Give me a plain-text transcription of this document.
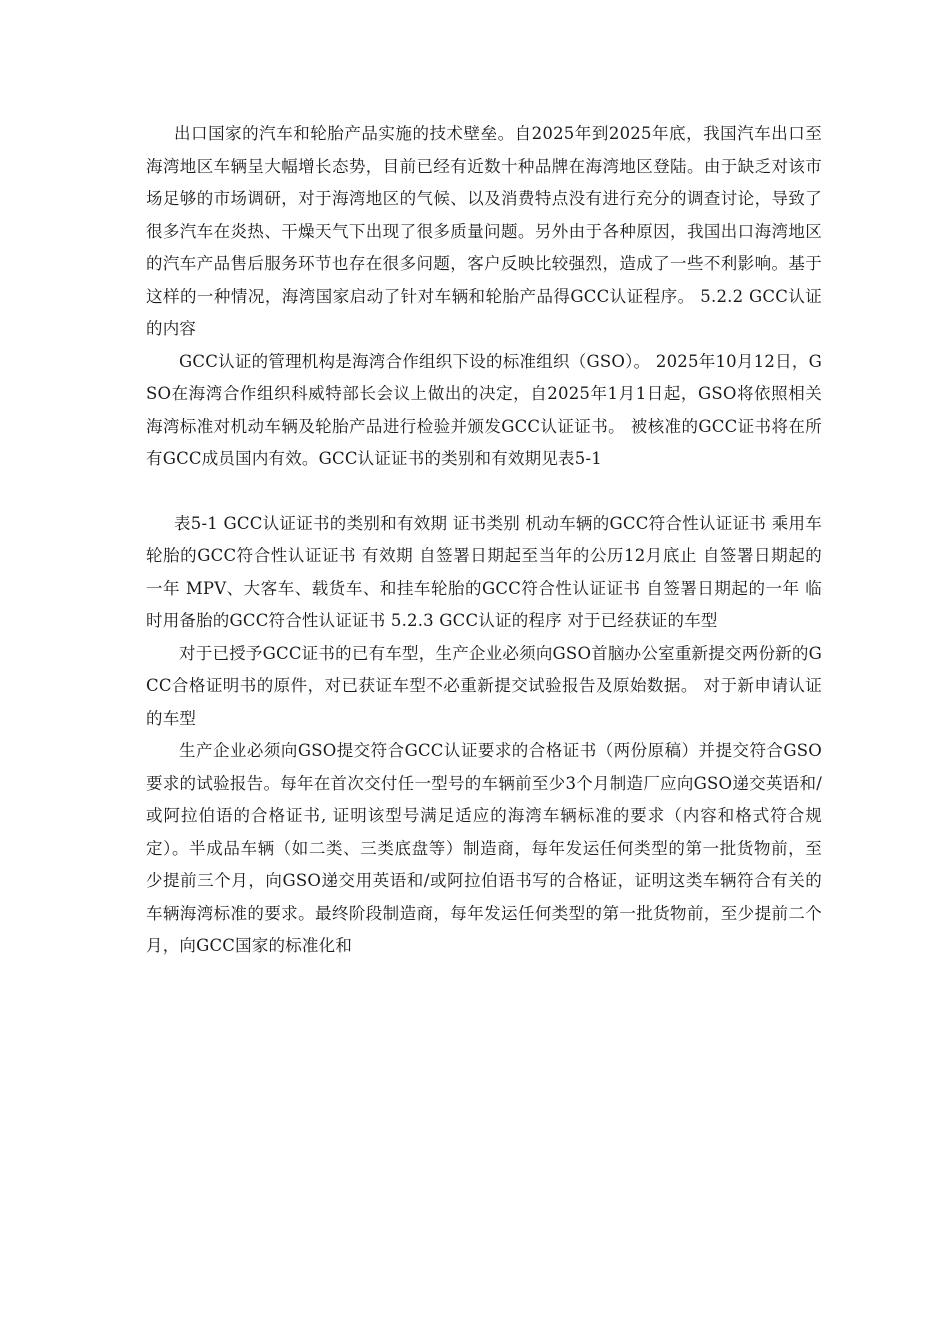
出口国家的汽车和轮胎产品实施的技术壁垒。自2025年到2025年底，我国汽车出口至海湾地区车辆呈大幅增长态势，目前已经有近数十种品牌在海湾地区登陆。由于缺乏对该市场足够的市场调研，对于海湾地区的气候、以及消费特点没有进行充分的调查讨论，导致了很多汽车在炎热、干燥天气下出现了很多质量问题。另外由于各种原因，我国出口海湾地区的汽车产品售后服务环节也存在很多问题，客户反映比较强烈，造成了一些不利影响。基于这样的一种情况，海湾国家启动了针对车辆和轮胎产品得GCC认证程序。 5.2.2 GCC认证的内容

GCC认证的管理机构是海湾合作组织下设的标准组织（GSO）。 2025年10月12日，GSO在海湾合作组织科威特部长会议上做出的决定，自2025年1月1日起，GSO将依照相关海湾标准对机动车辆及轮胎产品进行检验并颁发GCC认证证书。 被核准的GCC证书将在所有GCC成员国内有效。GCC认证证书的类别和有效期见表5-1

表5-1 GCC认证证书的类别和有效期 证书类别 机动车辆的GCC符合性认证证书 乘用车轮胎的GCC符合性认证证书 有效期 自签署日期起至当年的公历12月底止 自签署日期起的一年 MPV、大客车、载货车、和挂车轮胎的GCC符合性认证证书 自签署日期起的一年 临时用备胎的GCC符合性认证证书 5.2.3 GCC认证的程序 对于已经获证的车型

对于已授予GCC证书的已有车型，生产企业必须向GSO首脑办公室重新提交两份新的GCC合格证明书的原件，对已获证车型不必重新提交试验报告及原始数据。 对于新申请认证的车型

生产企业必须向GSO提交符合GCC认证要求的合格证书（两份原稿）并提交符合GSO要求的试验报告。每年在首次交付任一型号的车辆前至少3个月制造厂应向GSO递交英语和/或阿拉伯语的合格证书, 证明该型号满足适应的海湾车辆标准的要求（内容和格式符合规定）。半成品车辆（如二类、三类底盘等）制造商，每年发运任何类型的第一批货物前，至少提前三个月，向GSO递交用英语和/或阿拉伯语书写的合格证，证明这类车辆符合有关的车辆海湾标准的要求。最终阶段制造商，每年发运任何类型的第一批货物前，至少提前二个月，向GCC国家的标准化和
